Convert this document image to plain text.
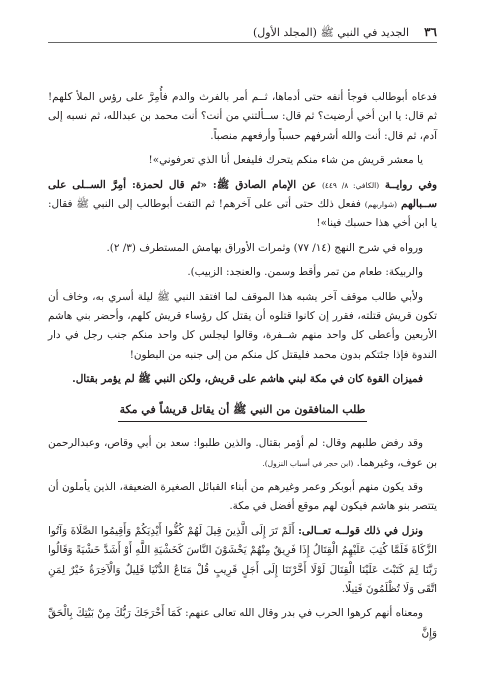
٣٦
الجديد في النبي ﷺ (المجلد الأول)

فدعاه أبوطالب فوجأ أنفه حتى أدماها، ثــم أمر بالفرث والدم فأُمِرَّ على رؤس الملأ كلهم! ثم قال: يا ابن أخي أرضيت؟ ثم قال: ســألتني من أنت؟ أنت محمد بن عبدالله، ثم نسبه إلى آدم، ثم قال: أنت والله أشرفهم حسباً وأرفعهم منصباً.

يا معشر قريش من شاء منكم يتحرك فليفعل أنا الذي تعرفوني»!

وفي روايــة (الكافي: ٨/ ٤٤٩) عن الإمام الصادق ﷺ: «ثم قال لحمزة: أمِرَّ الســلى على ســبالهم (شواربهم) ففعل ذلك حتى أتى على آخرهم! ثم التفت أبوطالب إلى النبي ﷺ فقال: يا ابن أخي هذا حسبك فينا»!

ورواه في شرح النهج (١٤/ ٧٧) وثمرات الأوراق بهامش المستطرف (٣/ ٢).

والربيكة: طعام من تمر وأقط وسمن. والعنجد: الزبيب).

ولأبي طالب موقف آخر يشبه هذا الموقف لما افتقد النبي ﷺ ليلة أسري به، وخاف أن تكون قريش قتلته، فقرر إن كانوا قتلوه أن يقتل كل رؤساء قريش كلهم، وأحضر بني هاشم الأربعين وأعطى كل واحد منهم شــفرة، وقالوا ليجلس كل واحد منكم جنب رجل في دار الندوة فإذا جئتكم بدون محمد فليقتل كل منكم من إلى جنبه من البطون!

فميزان القوة كان في مكة لبني هاشم على قريش، ولكن النبي ﷺ لم يؤمر بقتال.

طلب المنافقون من النبي ﷺ أن يقاتل قريشاً في مكة

وقد رفض طلبهم وقال: لم أؤمر بقتال. والذين طلبوا: سعد بن أبي وقاص، وعبدالرحمن بن عوف، وغيرهما. (ابن حجر في أسباب النزول).

وقد يكون منهم أبوبكر وعمر وغيرهم من أبناء القبائل الصغيرة الضعيفة، الذين يأملون أن يتتصر بنو هاشم فيكون لهم موقع أفضل في مكة.

ونزل في ذلك قولــه تعــالى: أَلَمْ تَرَ إِلَى الَّذِينَ قِيلَ لَهُمْ كُفُّوا أَيْدِيَكُمْ وَأَقِيمُوا الصَّلَاةَ وَآتُوا الزَّكَاةَ فَلَمَّا كُتِبَ عَلَيْهِمُ الْقِتَالُ إِذَا فَرِيقٌ مِنْهُمْ يَخْشَوْنَ النَّاسَ كَخَشْيَةِ اللَّهِ أَوْ أَشَدَّ خَشْيَةً وَقَالُوا رَبَّنَا لِمَ كَتَبْتَ عَلَيْنَا الْقِتَالَ لَوْلَا أَخَّرْتَنَا إِلَى أَجَلٍ قَرِيبٍ قُلْ مَتَاعُ الدُّنْيَا قَلِيلٌ وَالْآخِرَةُ خَيْرٌ لِمَنِ اتَّقَى وَلَا تُظْلَمُونَ فَتِيلًا.

ومعناه أنهم كرهوا الحرب في بدر وقال الله تعالى عنهم: كَمَا أَخْرَجَكَ رَبُّكَ مِنْ بَيْتِكَ بِالْحَقِّ وَإِنَّ
